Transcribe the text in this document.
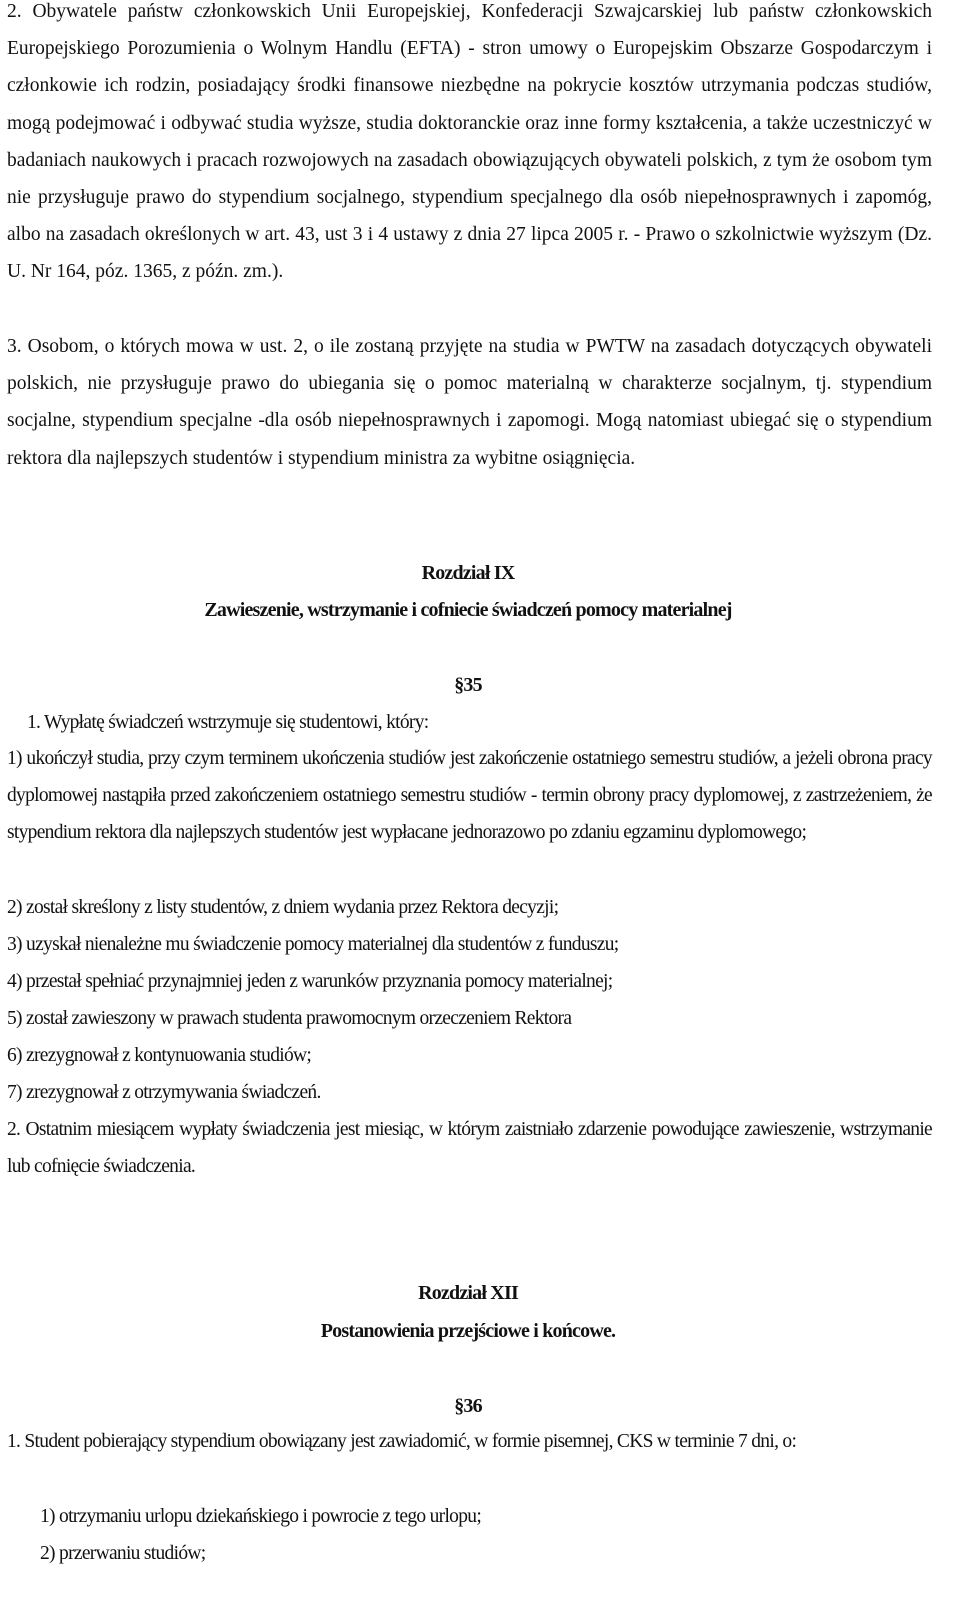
2. Obywatele państw członkowskich Unii Europejskiej, Konfederacji Szwajcarskiej lub państw członkowskich Europejskiego Porozumienia o Wolnym Handlu (EFTA) - stron umowy o Europejskim Obszarze Gospodarczym i członkowie ich rodzin, posiadający środki finansowe niezbędne na pokrycie kosztów utrzymania podczas studiów, mogą podejmować i odbywać studia wyższe, studia doktoranckie oraz inne formy kształcenia, a także uczestniczyć w badaniach naukowych i pracach rozwojowych na zasadach obowiązujących obywateli polskich, z tym że osobom tym nie przysługuje prawo do stypendium socjalnego, stypendium specjalnego dla osób niepełnosprawnych i zapomóg, albo na zasadach określonych w art. 43, ust 3 i 4 ustawy z dnia 27 lipca 2005 r. - Prawo o szkolnictwie wyższym (Dz. U. Nr 164, póz. 1365, z późn. zm.).

3. Osobom, o których mowa w ust. 2, o ile zostaną przyjęte na studia w PWTW na zasadach dotyczących obywateli polskich, nie przysługuje prawo do ubiegania się o pomoc materialną w charakterze socjalnym, tj. stypendium socjalne, stypendium specjalne -dla osób niepełnosprawnych i zapomogi. Mogą natomiast ubiegać się o stypendium rektora dla najlepszych studentów i stypendium ministra za wybitne osiągnięcia.

Rozdział IX

Zawieszenie, wstrzymanie i cofniecie świadczeń pomocy materialnej

§35

1. Wypłatę świadczeń wstrzymuje się studentowi, który:

1) ukończył studia, przy czym terminem ukończenia studiów jest zakończenie ostatniego semestru studiów, a jeżeli obrona pracy dyplomowej nastąpiła przed zakończeniem ostatniego semestru studiów - termin obrony pracy dyplomowej, z zastrzeżeniem, że stypendium rektora dla najlepszych studentów jest wypłacane jednorazowo po zdaniu egzaminu dyplomowego;

2) został skreślony z listy studentów, z dniem wydania przez Rektora decyzji;

3) uzyskał nienależne mu świadczenie pomocy materialnej dla studentów z funduszu;

4) przestał spełniać przynajmniej jeden z warunków przyznania pomocy materialnej;

5) został zawieszony w prawach studenta prawomocnym orzeczeniem Rektora

6) zrezygnował z kontynuowania studiów;

7) zrezygnował z otrzymywania świadczeń.

2. Ostatnim miesiącem wypłaty świadczenia jest miesiąc, w którym zaistniało zdarzenie powodujące zawieszenie, wstrzymanie lub cofnięcie świadczenia.

Rozdział XII

Postanowienia przejściowe i końcowe.

§36

1. Student pobierający stypendium obowiązany jest zawiadomić, w formie pisemnej, CKS w terminie 7 dni, o:

1) otrzymaniu urlopu dziekańskiego i powrocie z tego urlopu;

2) przerwaniu studiów;
